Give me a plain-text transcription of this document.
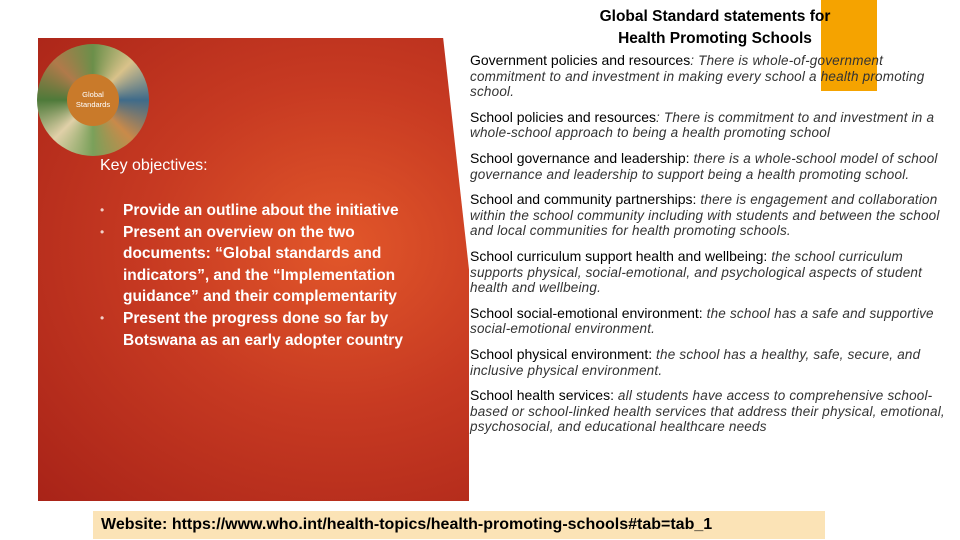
Global Standard statements for
Health Promoting Schools
Global
Standards
Key objectives:
• Provide an outline about the initiative
• Present an overview on the two documents: “Global standards and indicators”, and the “Implementation guidance” and their complementarity
• Present the progress done so far by Botswana as an early adopter country

Government policies and resources: There is whole-of-government commitment to and investment in making every school a health promoting school.

School policies and resources: There is commitment to and investment in a whole-school approach to being a health promoting school

School governance and leadership: there is a whole-school model of school governance and leadership to support being a health promoting school.

School and community partnerships: there is engagement and collaboration within the school community including with students and between the school and local communities for health promoting schools.

School curriculum support health and wellbeing: the school curriculum supports physical, social-emotional, and psychological aspects of student health and wellbeing.

School social-emotional environment: the school has a safe and supportive social-emotional environment.

School physical environment: the school has a healthy, safe, secure, and inclusive physical environment.

School health services: all students have access to comprehensive school-based or school-linked health services that address their physical, emotional, psychosocial, and educational healthcare needs

Website: https://www.who.int/health-topics/health-promoting-schools#tab=tab_1
